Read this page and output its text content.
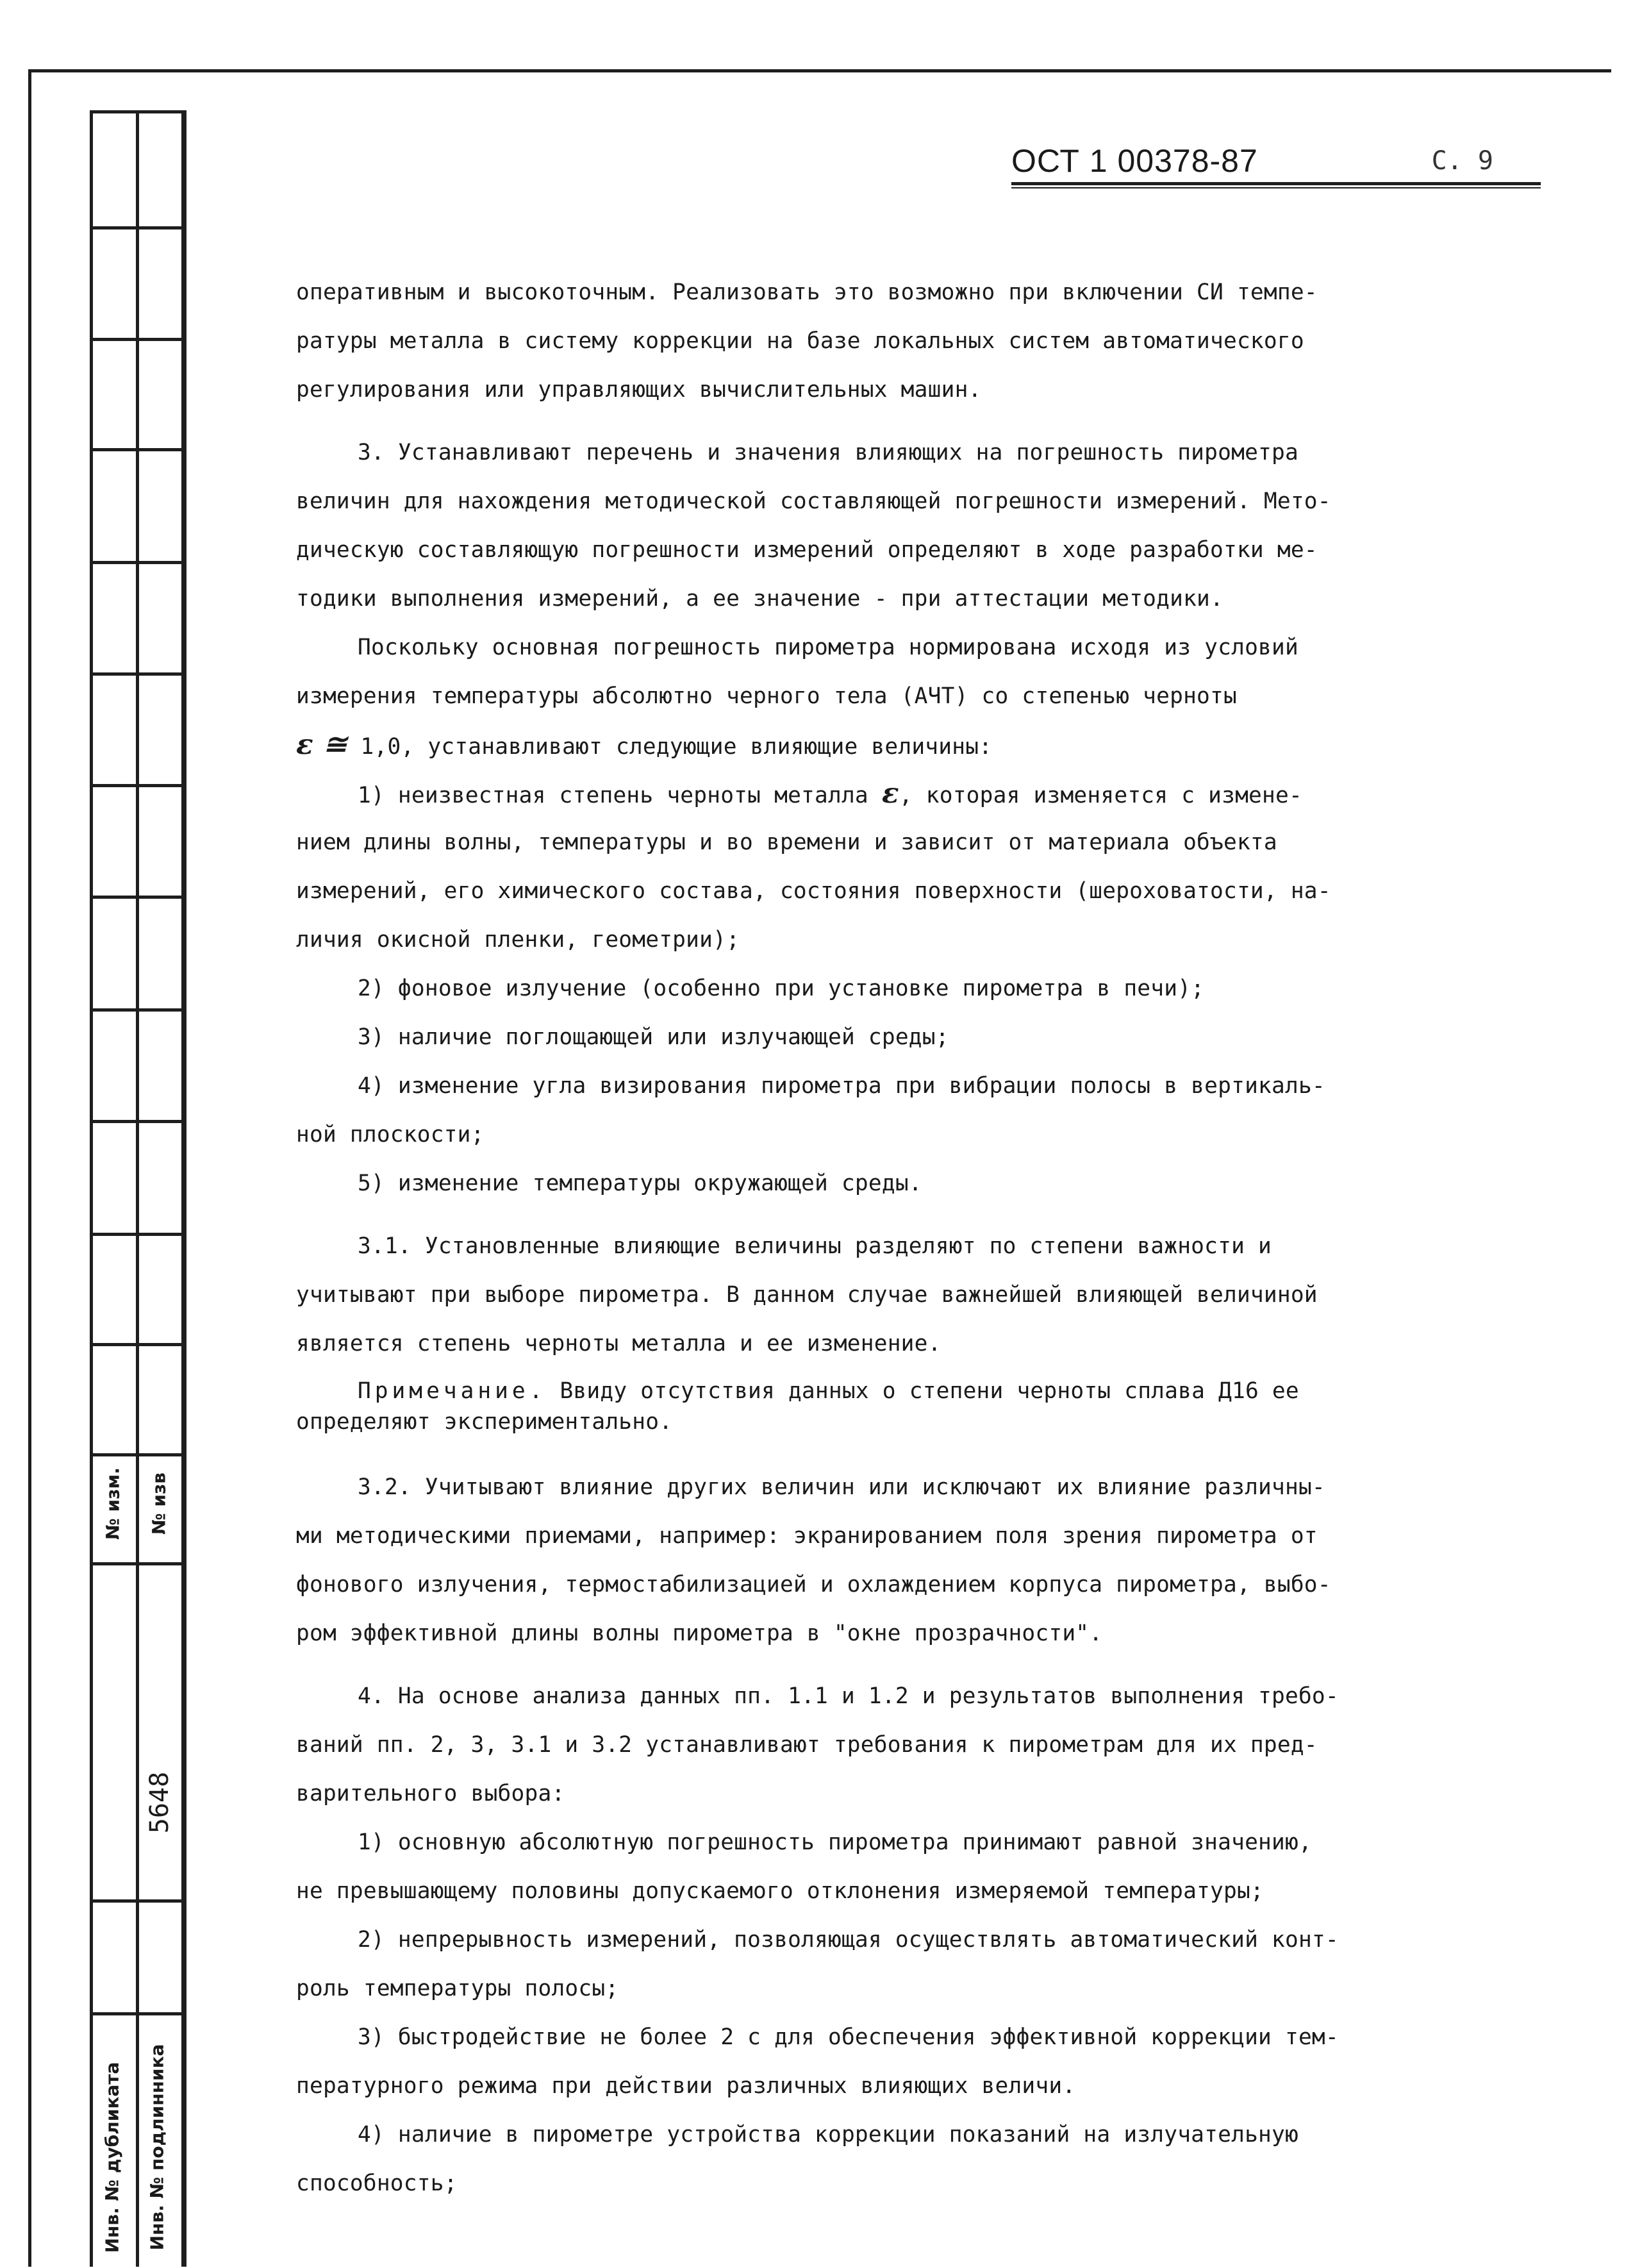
№ изм. № изв
Инв. № дубликата Инв. № подлинника
5648
ОСТ 1 00378-87	С. 9
оперативным и высокоточным. Реализовать это возможно при включении СИ темпе-
ратуры металла в систему коррекции на базе локальных систем автоматического
регулирования или управляющих вычислительных машин.
3. Устанавливают перечень и значения влияющих на погрешность пирометра
величин для нахождения методической составляющей погрешности измерений. Мето-
дическую составляющую погрешности измерений определяют в ходе разработки ме-
тодики выполнения измерений, а ее значение - при аттестации методики.
Поскольку основная погрешность пирометра нормирована исходя из условий
измерения температуры абсолютно черного тела (АЧТ) со степенью черноты
ε ≅ 1,0, устанавливают следующие влияющие величины:
1) неизвестная степень черноты металла ε, которая изменяется с измене-
нием длины волны, температуры и во времени и зависит от материала объекта
измерений, его химического состава, состояния поверхности (шероховатости, на-
личия окисной пленки, геометрии);
2) фоновое излучение (особенно при установке пирометра в печи);
3) наличие поглощающей или излучающей среды;
4) изменение угла визирования пирометра при вибрации полосы в вертикаль-
ной плоскости;
5) изменение температуры окружающей среды.
3.1. Установленные влияющие величины разделяют по степени важности и
учитывают при выборе пирометра. В данном случае важнейшей влияющей величиной
является степень черноты металла и ее изменение.
Примечание. Ввиду отсутствия данных о степени черноты сплава Д16 ее
определяют экспериментально.
3.2. Учитывают влияние других величин или исключают их влияние различны-
ми методическими приемами, например: экранированием поля зрения пирометра от
фонового излучения, термостабилизацией и охлаждением корпуса пирометра, выбо-
ром эффективной длины волны пирометра в "окне прозрачности".
4. На основе анализа данных пп. 1.1 и 1.2 и результатов выполнения требо-
ваний пп. 2, 3, 3.1 и 3.2 устанавливают требования к пирометрам для их пред-
варительного выбора:
1) основную абсолютную погрешность пирометра принимают равной значению,
не превышающему половины допускаемого отклонения измеряемой температуры;
2) непрерывность измерений, позволяющая осуществлять автоматический конт-
роль температуры полосы;
3) быстродействие не более 2 с для обеспечения эффективной коррекции тем-
пературного режима при действии различных влияющих величи.
4) наличие в пирометре устройства коррекции показаний на излучательную
способность;
